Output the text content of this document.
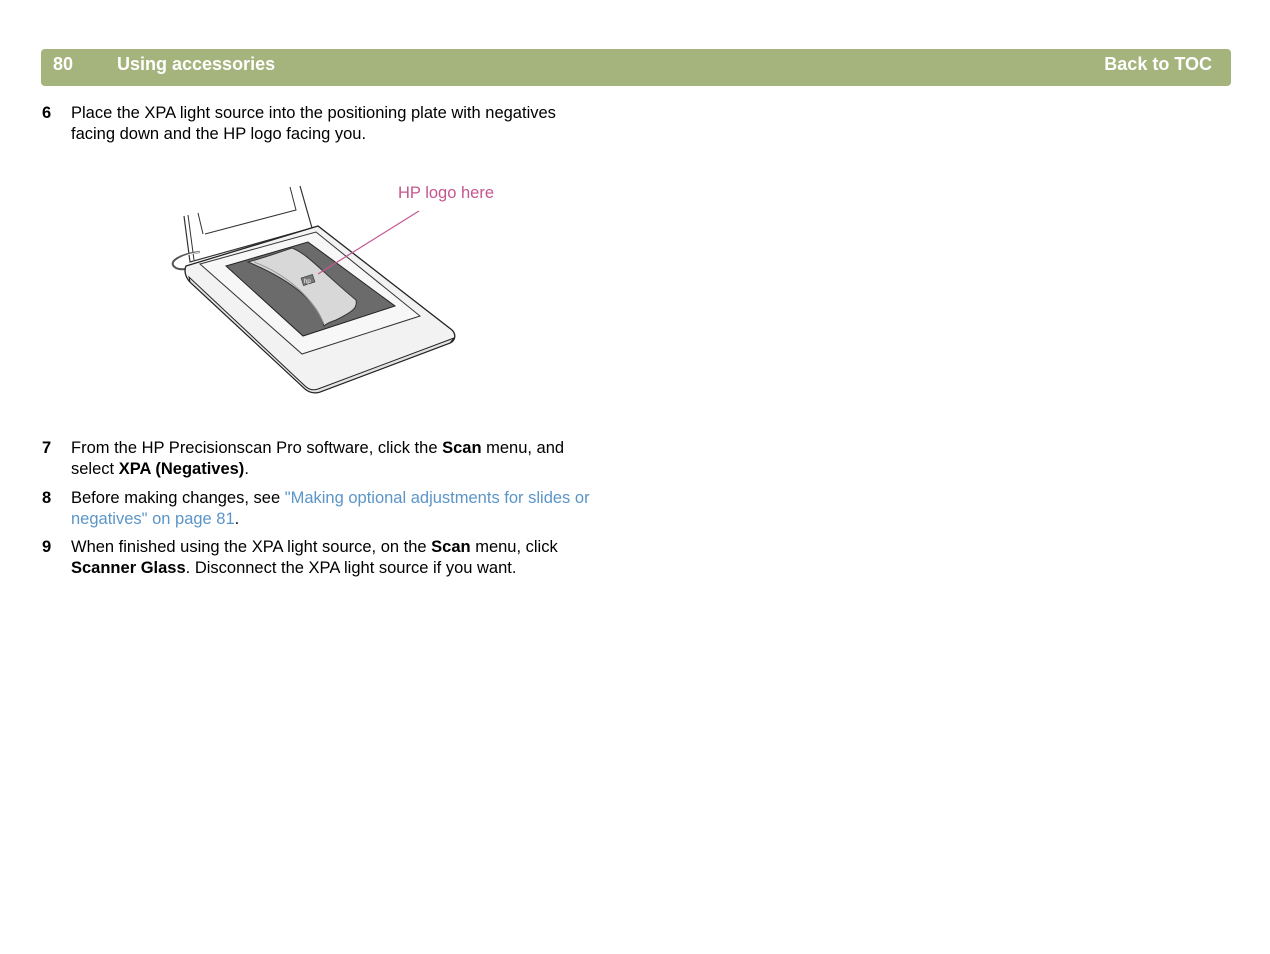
80 Using accessories	Back to TOC
6 Place the XPA light source into the positioning plate with negatives facing down and the HP logo facing you.
hp
HP logo here
7 From the HP Precisionscan Pro software, click the Scan menu, and select XPA (Negatives).
8 Before making changes, see "Making optional adjustments for slides or negatives" on page 81.
9 When finished using the XPA light source, on the Scan menu, click Scanner Glass. Disconnect the XPA light source if you want.
